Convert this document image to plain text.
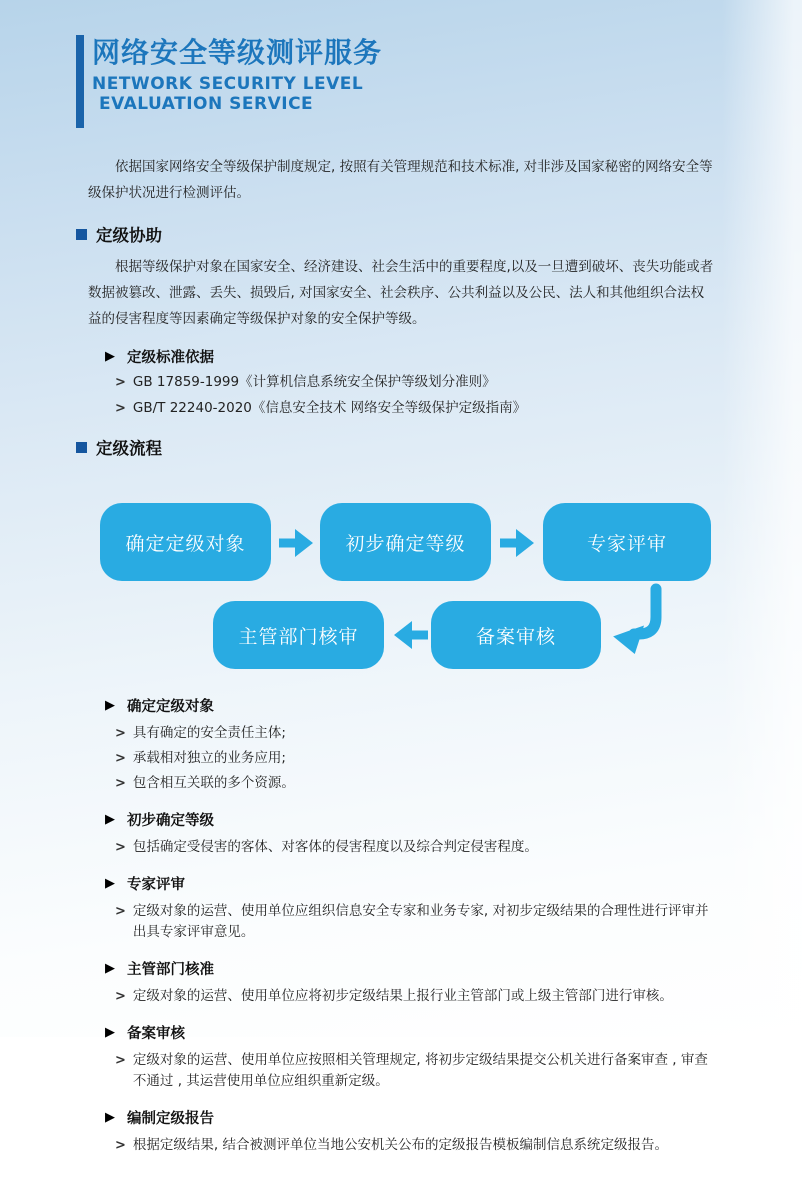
网络安全等级测评服务
NETWORK SECURITY LEVEL
EVALUATION SERVICE

依据国家网络安全等级保护制度规定, 按照有关管理规范和技术标准, 对非涉及国家秘密的网络安全等级保护状况进行检测评估。

定级协助

根据等级保护对象在国家安全、经济建设、社会生活中的重要程度,以及一旦遭到破坏、丧失功能或者数据被篡改、泄露、丢失、损毁后, 对国家安全、社会秩序、公共利益以及公民、法人和其他组织合法权益的侵害程度等因素确定等级保护对象的安全保护等级。

▶ 定级标准依据
> GB 17859-1999《计算机信息系统安全保护等级划分准则》
> GB/T 22240-2020《信息安全技术 网络安全等级保护定级指南》
定级流程
确定定级对象	初步确定等级	专家评审
主管部门核审	备案审核
▶ 确定定级对象
> 具有确定的安全责任主体;
> 承载相对独立的业务应用;
> 包含相互关联的多个资源。
▶ 初步确定等级
> 包括确定受侵害的客体、对客体的侵害程度以及综合判定侵害程度。
▶ 专家评审
> 定级对象的运营、使用单位应组织信息安全专家和业务专家, 对初步定级结果的合理性进行评审并出具专家评审意见。
▶ 主管部门核准
> 定级对象的运营、使用单位应将初步定级结果上报行业主管部门或上级主管部门进行审核。
▶ 备案审核
> 定级对象的运营、使用单位应按照相关管理规定, 将初步定级结果提交公机关进行备案审查 , 审查不通过 , 其运营使用单位应组织重新定级。
▶ 编制定级报告
> 根据定级结果, 结合被测评单位当地公安机关公布的定级报告模板编制信息系统定级报告。
